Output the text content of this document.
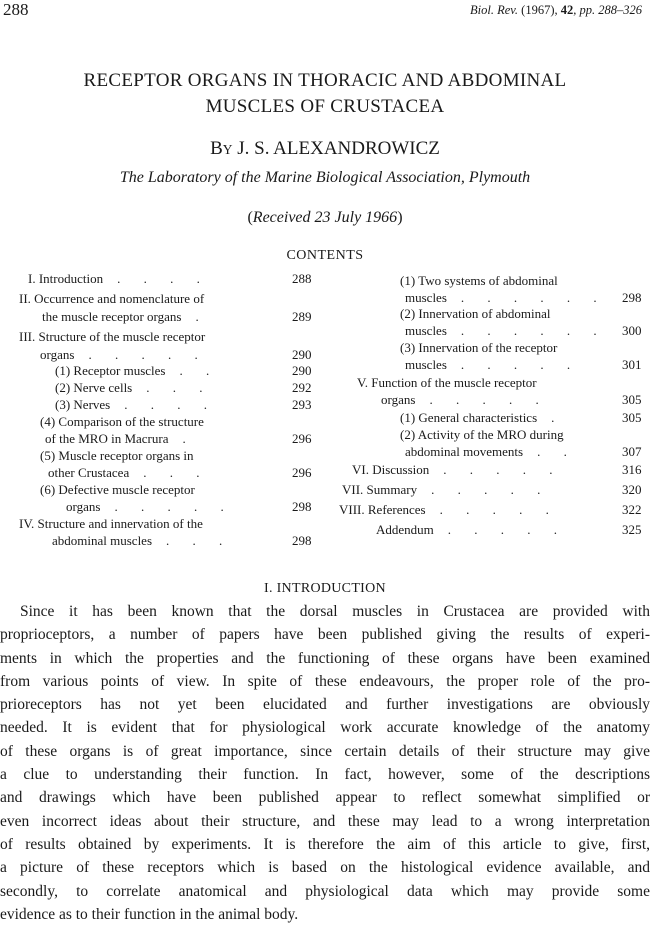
288	Biol. Rev. (1967), 42, pp. 288–326
RECEPTOR ORGANS IN THORACIC AND ABDOMINAL
MUSCLES OF CRUSTACEA
BY J. S. ALEXANDROWICZ
The Laboratory of the Marine Biological Association, Plymouth
(Received 23 July 1966)
CONTENTS
I. Introduction . . . .	288
II. Occurrence and nomenclature of
the muscle receptor organs .	289
III. Structure of the muscle receptor
organs . . . . .	290
(1) Receptor muscles . .	290
(2) Nerve cells . . .	292
(3) Nerves . . . .	293
(4) Comparison of the structure
of the MRO in Macrura .	296
(5) Muscle receptor organs in
other Crustacea . . .	296
(6) Defective muscle receptor
organs . . . . .	298
IV. Structure and innervation of the
abdominal muscles . . .	298
(1) Two systems of abdominal
muscles . . . . . . 298
(2) Innervation of abdominal
muscles . . . . . . 300
(3) Innervation of the receptor
muscles . . . . .	301
V. Function of the muscle receptor
organs . . . . .	305
(1) General characteristics .	305
(2) Activity of the MRO during
abdominal movements . .	307
VI. Discussion . . . . .	316
VII. Summary . . . . .	320
VIII. References . . . . .	322
Addendum . . . . .	325
I. INTRODUCTION
Since it has been known that the dorsal muscles in Crustacea are provided with
proprioceptors, a number of papers have been published giving the results of experi-
ments in which the properties and the functioning of these organs have been examined
from various points of view. In spite of these endeavours, the proper role of the pro-
prioreceptors has not yet been elucidated and further investigations are obviously
needed. It is evident that for physiological work accurate knowledge of the anatomy
of these organs is of great importance, since certain details of their structure may give
a clue to understanding their function. In fact, however, some of the descriptions
and drawings which have been published appear to reflect somewhat simplified or
even incorrect ideas about their structure, and these may lead to a wrong interpretation
of results obtained by experiments. It is therefore the aim of this article to give, first,
a picture of these receptors which is based on the histological evidence available, and
secondly, to correlate anatomical and physiological data which may provide some
evidence as to their function in the animal body.
